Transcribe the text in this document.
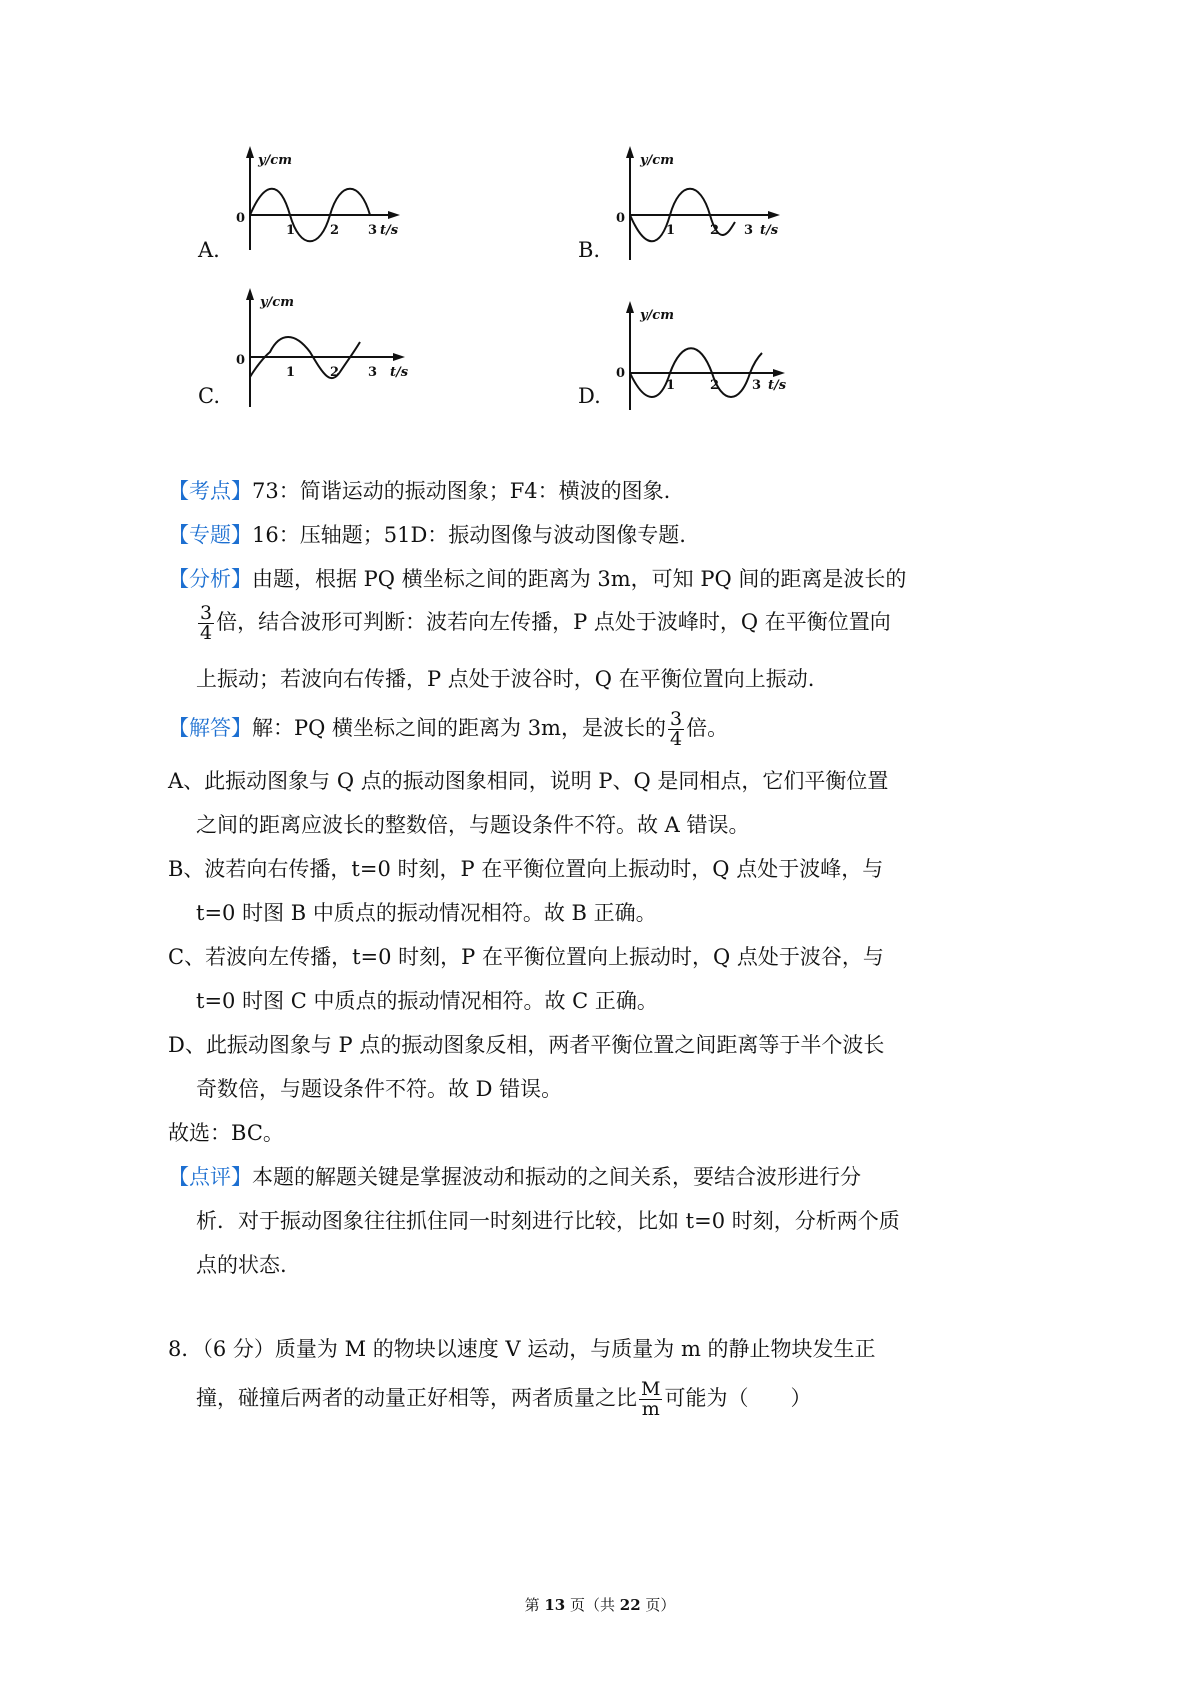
A.
y/cm
0
1	2 3 t/s
B.
y/cm
0
1	2 3 t/s
C.
y/cm
0
1	2 3 t/s
D.
y/cm
0
1	2	3 t/s
【考点】73：简谐运动的振动图象；F4：横波的图象.
【专题】16：压轴题；51D：振动图像与波动图像专题.
【分析】由题，根据 PQ 横坐标之间的距离为 3m，可知 PQ 间的距离是波长的
$\frac{3}{4}$ 倍，结合波形可判断：波若向左传播，P 点处于波峰时，Q 在平衡位置向
上振动；若波向右传播，P 点处于波谷时，Q 在平衡位置向上振动.
【解答】解：PQ 横坐标之间的距离为 3m，是波长的 $\frac{3}{4}$ 倍。
A、此振动图象与 Q 点的振动图象相同，说明 P、Q 是同相点，它们平衡位置
之间的距离应波长的整数倍，与题设条件不符。故 A 错误。
B、波若向右传播，t=0 时刻，P 在平衡位置向上振动时，Q 点处于波峰，与
t=0 时图 B 中质点的振动情况相符。故 B 正确。
C、若波向左传播，t=0 时刻，P 在平衡位置向上振动时，Q 点处于波谷，与
t=0 时图 C 中质点的振动情况相符。故 C 正确。
D、此振动图象与 P 点的振动图象反相，两者平衡位置之间距离等于半个波长
奇数倍，与题设条件不符。故 D 错误。
故选：BC。
【点评】本题的解题关键是掌握波动和振动的之间关系，要结合波形进行分
析．对于振动图象往往抓住同一时刻进行比较，比如 t=0 时刻，分析两个质
点的状态.
8．（6 分）质量为 M 的物块以速度 V 运动，与质量为 m 的静止物块发生正
撞，碰撞后两者的动量正好相等，两者质量之比 $\frac{M}{m}$ 可能为（　　）
第 13 页（共 22 页）
